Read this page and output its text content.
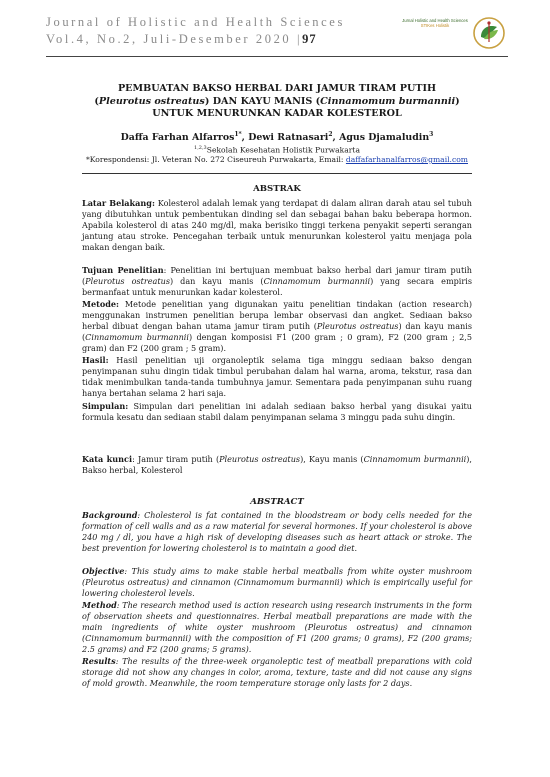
Journal of Holistic and Health Sciences
Vol.4, No.2, Juli-Desember 2020 |97
Jurnal Holistic and Health Sciences
STIKes Holistik
PEMBUATAN BAKSO HERBAL DARI JAMUR TIRAM PUTIH
(Pleurotus ostreatus) DAN KAYU MANIS (Cinnamomum burmannii)
UNTUK MENURUNKAN KADAR KOLESTEROL
Daffa Farhan Alfarros$^{1*}$, Dewi Ratnasari$^2$, Agus Djamaludin$^3$
$^{1,2,3}$Sekolah Kesehatan Holistik Purwakarta
*Korespondensi: Jl. Veteran No. 272 Ciseureuh Purwakarta, Email: daffafarhanalfarros@gmail.com
ABSTRAK
Latar Belakang: Kolesterol adalah lemak yang terdapat di dalam aliran darah atau sel tubuh yang dibutuhkan untuk pembentukan dinding sel dan sebagai bahan baku beberapa hormon. Apabila kolesterol di atas 240 mg/dl, maka berisiko tinggi terkena penyakit seperti serangan jantung atau stroke. Pencegahan terbaik untuk menurunkan kolesterol yaitu menjaga pola makan dengan baik.
Tujuan Penelitian: Penelitian ini bertujuan membuat bakso herbal dari jamur tiram putih (Pleurotus ostreatus) dan kayu manis (Cinnamomum burmannii) yang secara empiris bermanfaat untuk menurunkan kadar kolesterol.
Metode: Metode penelitian yang digunakan yaitu penelitian tindakan (action research) menggunakan instrumen penelitian berupa lembar observasi dan angket. Sediaan bakso herbal dibuat dengan bahan utama jamur tiram putih (Pleurotus ostreatus) dan kayu manis (Cinnamomum burmannii) dengan komposisi F1 (200 gram ; 0 gram), F2 (200 gram ; 2,5 gram) dan F2 (200 gram ; 5 gram).
Hasil: Hasil penelitian uji organoleptik selama tiga minggu sediaan bakso dengan penyimpanan suhu dingin tidak timbul perubahan dalam hal warna, aroma, tekstur, rasa dan tidak menimbulkan tanda-tanda tumbuhnya jamur. Sementara pada penyimpanan suhu ruang hanya bertahan selama 2 hari saja.
Simpulan: Simpulan dari penelitian ini adalah sediaan bakso herbal yang disukai yaitu formula kesatu dan sediaan stabil dalam penyimpanan selama 3 minggu pada suhu dingin.
Kata kunci: Jamur tiram putih (Pleurotus ostreatus), Kayu manis (Cinnamomum burmannii), Bakso herbal, Kolesterol
ABSTRACT
Background: Cholesterol is fat contained in the bloodstream or body cells needed for the formation of cell walls and as a raw material for several hormones. If your cholesterol is above 240 mg / dl, you have a high risk of developing diseases such as heart attack or stroke. The best prevention for lowering cholesterol is to maintain a good diet.
Objective: This study aims to make stable herbal meatballs from white oyster mushroom (Pleurotus ostreatus) and cinnamon (Cinnamomum burmannii) which is empirically useful for lowering cholesterol levels.
Method: The research method used is action research using research instruments in the form of observation sheets and questionnaires. Herbal meatball preparations are made with the main ingredients of white oyster mushroom (Pleurotus ostreatus) and cinnamon (Cinnamomum burmannii) with the composition of F1 (200 grams; 0 grams), F2 (200 grams; 2.5 grams) and F2 (200 grams; 5 grams).
Results: The results of the three-week organoleptic test of meatball preparations with cold storage did not show any changes in color, aroma, texture, taste and did not cause any signs of mold growth. Meanwhile, the room temperature storage only lasts for 2 days.
